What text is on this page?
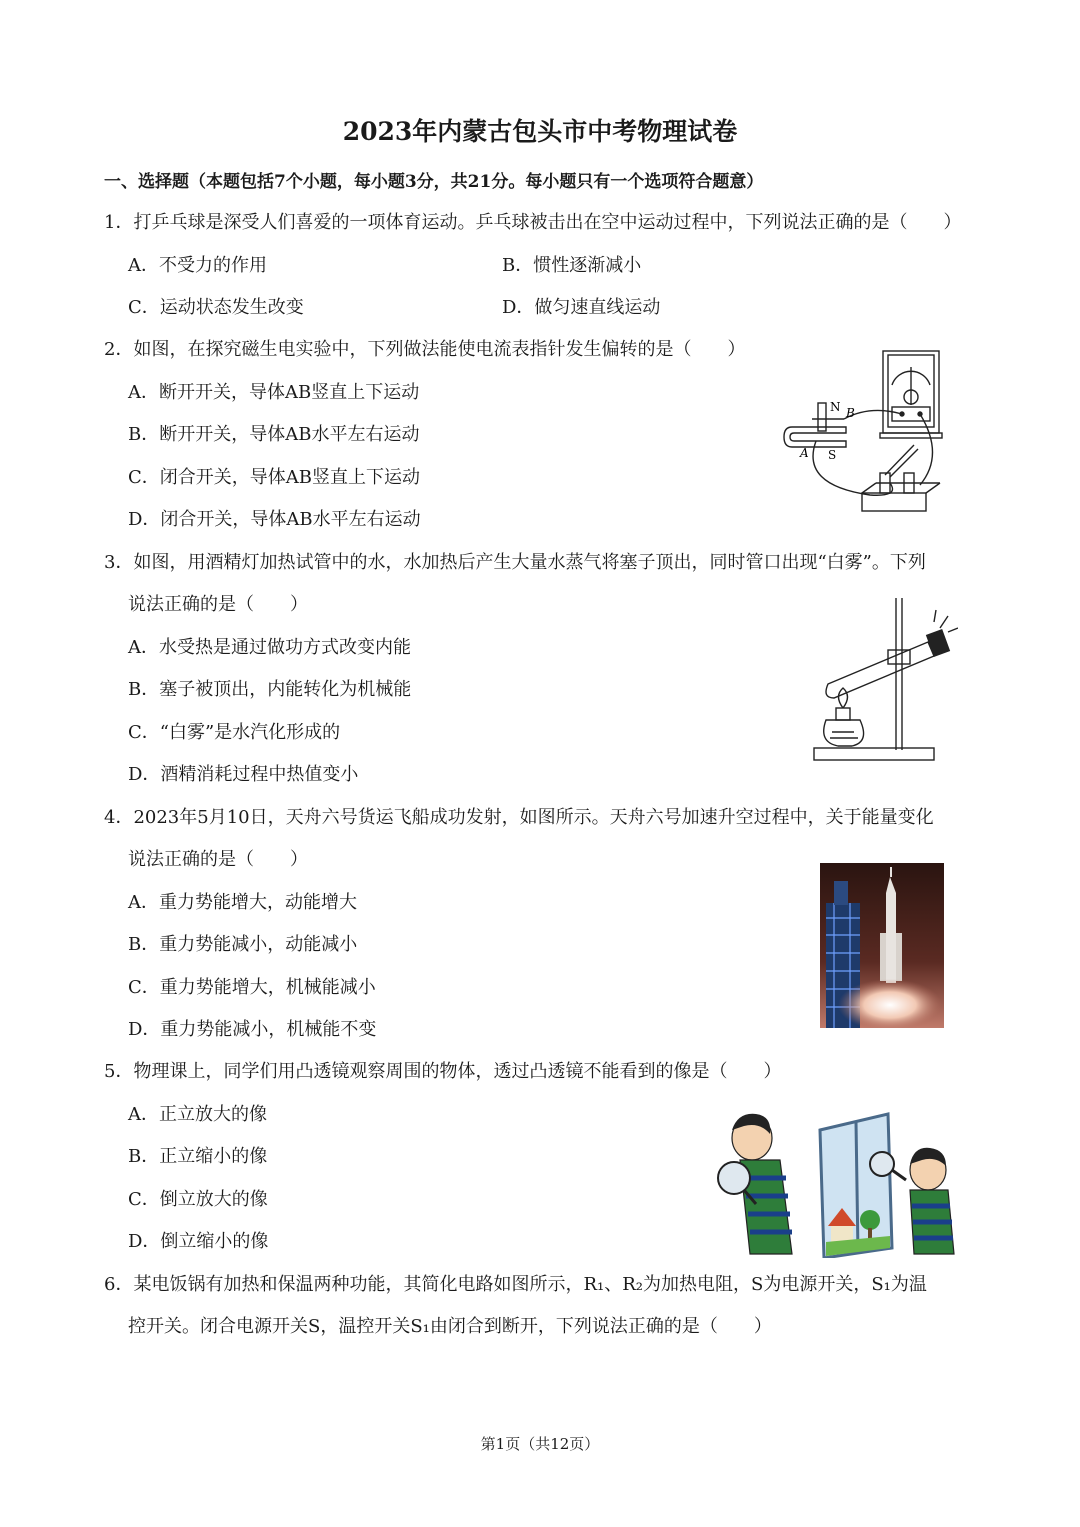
2023年内蒙古包头市中考物理试卷
一、选择题（本题包括7个小题，每小题3分，共21分。每小题只有一个选项符合题意）
1．打乒乓球是深受人们喜爱的一项体育运动。乒乓球被击出在空中运动过程中，下列说法正确的是（　　）
A．不受力的作用	B．惯性逐渐减小
C．运动状态发生改变	D．做匀速直线运动
2．如图，在探究磁生电实验中，下列做法能使电流表指针发生偏转的是（　　）
A．断开开关，导体AB竖直上下运动
B．断开开关，导体AB水平左右运动
C．闭合开关，导体AB竖直上下运动
D．闭合开关，导体AB水平左右运动
N B
A S
3．如图，用酒精灯加热试管中的水，水加热后产生大量水蒸气将塞子顶出，同时管口出现“白雾”。下列
说法正确的是（　　）
A．水受热是通过做功方式改变内能
B．塞子被顶出，内能转化为机械能
C．“白雾”是水汽化形成的
D．酒精消耗过程中热值变小
4．2023年5月10日，天舟六号货运飞船成功发射，如图所示。天舟六号加速升空过程中，关于能量变化
说法正确的是（　　）
A．重力势能增大，动能增大
B．重力势能减小，动能减小
C．重力势能增大，机械能减小
D．重力势能减小，机械能不变
5．物理课上，同学们用凸透镜观察周围的物体，透过凸透镜不能看到的像是（　　）
A．正立放大的像
B．正立缩小的像
C．倒立放大的像
D．倒立缩小的像
6．某电饭锅有加热和保温两种功能，其简化电路如图所示，R₁、R₂为加热电阻，S为电源开关，S₁为温
控开关。闭合电源开关S，温控开关S₁由闭合到断开，下列说法正确的是（　　）
第1页（共12页）
